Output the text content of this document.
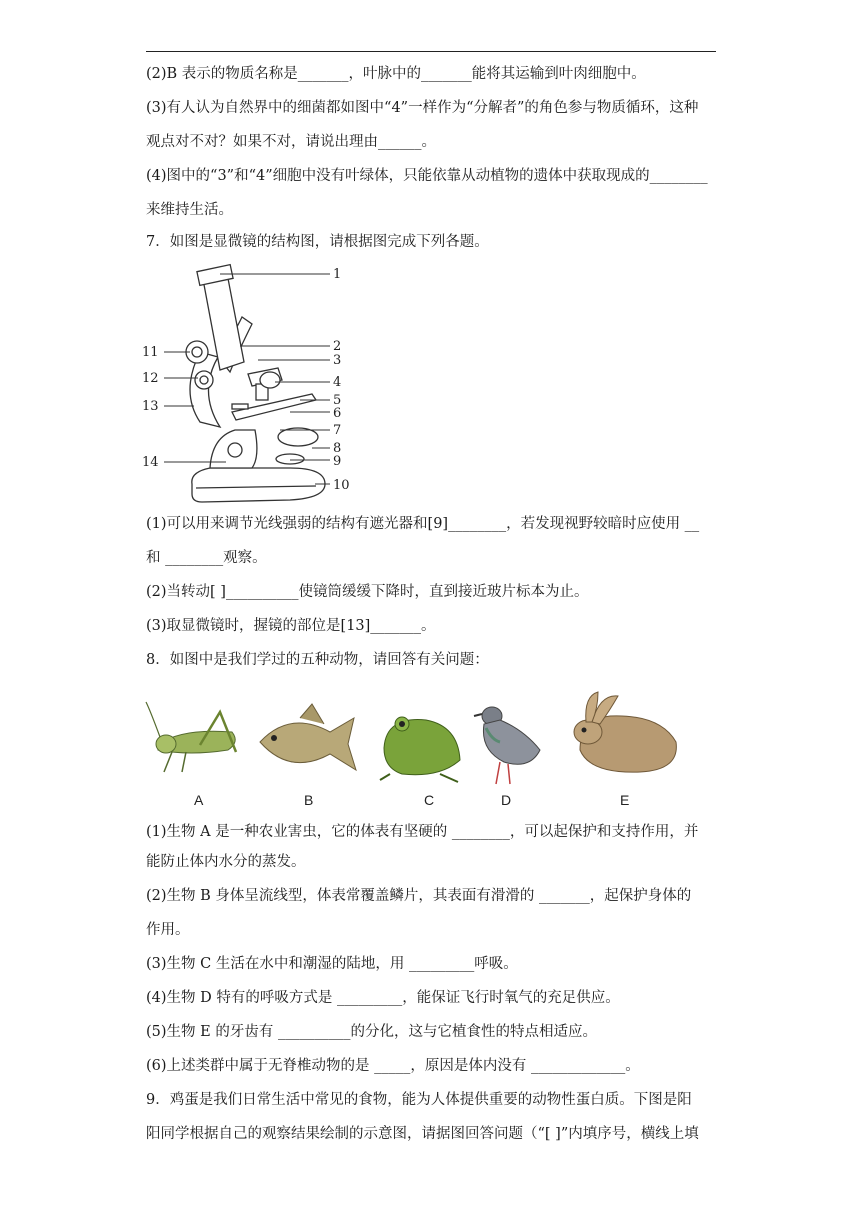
(2)B 表示的物质名称是_______，叶脉中的_______能将其运输到叶肉细胞中。
(3)有人认为自然界中的细菌都如图中“4”一样作为“分解者”的角色参与物质循环，这种
观点对不对？如果不对，请说出理由______。
(4)图中的“3”和“4”细胞中没有叶绿体，只能依靠从动植物的遗体中获取现成的________
来维持生活。
7．如图是显微镜的结构图，请根据图完成下列各题。
(1)可以用来调节光线强弱的结构有遮光器和[9]________，若发现视野较暗时应使用 __
和 ________观察。
(2)当转动[ ]__________使镜筒缓缓下降时，直到接近玻片标本为止。
(3)取显微镜时，握镜的部位是[13]_______。
8．如图中是我们学过的五种动物，请回答有关问题：
(1)生物 A 是一种农业害虫，它的体表有坚硬的 ________，可以起保护和支持作用，并
能防止体内水分的蒸发。
(2)生物 B 身体呈流线型，体表常覆盖鳞片，其表面有滑滑的 _______，起保护身体的
作用。
(3)生物 C 生活在水中和潮湿的陆地，用 _________呼吸。
(4)生物 D 特有的呼吸方式是 _________，能保证飞行时氧气的充足供应。
(5)生物 E 的牙齿有 __________的分化，这与它植食性的特点相适应。
(6)上述类群中属于无脊椎动物的是 _____，原因是体内没有 _____________。
9．鸡蛋是我们日常生活中常见的食物，能为人体提供重要的动物性蛋白质。下图是阳
阳同学根据自己的观察结果绘制的示意图，请据图回答问题（“[ ]”内填序号，横线上填
1
2
3
4
5
6
7
8
9
10
11
12
13
14
A	B	C	D	E
